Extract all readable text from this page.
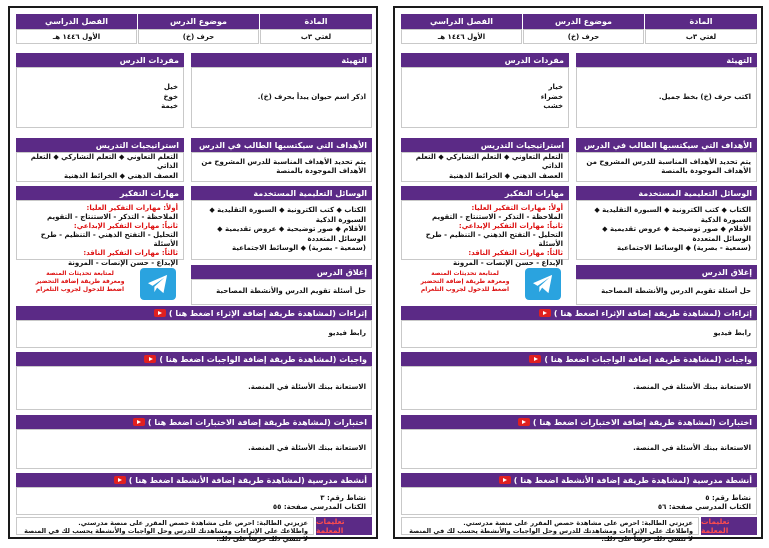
المادة
موضوع الدرس
الفصل الدراسي
لغتي ٣ب
حرف (خ)
الأول ١٤٤٦ هـ
التهيئة
اكتب حرف (خ) بخط جميل.
مفردات الدرس
خيار
خضراء
خشب
الأهداف التي سيكتسبها الطالب في الدرس
يتم تحديد الأهداف المناسبة للدرس المشروح من الأهداف الموجودة بالمنصة
استراتيجيات التدريس
التعلم التعاوني ◆ التعلم التشاركي ◆ التعلم الذاتي
العصف الذهني ◆ الخرائط الذهنية
الوسائل التعليمية المستخدمة
الكتاب ◆ كتب الكترونية ◆ السبورة التقليدية ◆ السبورة الذكية
الأقلام ◆ صور توضيحية ◆ عروض تقديمية ◆ الوسائل المتعددة
(سمعية - بصرية) ◆ الوسائط الاجتماعية
مهارات التفكير
أولاً: مهارات التفكير العليا:
الملاحظة - التذكر - الاستنتاج - التقويم
ثانياً: مهارات التفكير الإبداعي:
التحليل - التفتح الذهني - التنظيم - طرح الأسئلة
ثالثاً: مهارات التفكير الناقد:
الإبداع - حسن الإنصات - المرونة
إغلاق الدرس
حل أسئلة تقويم الدرس والأنشطة المصاحبة
لمتابعة تحديثات المنصة
ومعرفة طريقة إضافة التحضير
اضغط للدخول لجروب التلغرام
إثراءات (لمشاهدة طريقة إضافة الإثراء اضغط هنا )
رابط فيديو
واجبات (لمشاهدة طريقة إضافة الواجبات اضغط هنا )
الاستعانة ببنك الأسئلة في المنصة.
اختبارات (لمشاهدة طريقة إضافة الاختبارات اضغط هنا )
الاستعانة ببنك الأسئلة في المنصة.
أنشطة مدرسية (لمشاهدة طريقة إضافة الأنشطة اضغط هنا )
نشاط رقم: ٥
الكتاب المدرسي صفحة: ٥٦
تعليمات المعلمة
عزيزتي الطالبة: احرص على مشاهدة حصص المقرر على منصة مدرستي.
واطلاعك على الإثراءات ومشاهدتك للدرس وحل الواجبات والأنشطة يحسب لك في المنصة لا تنسي ذلك حرصاً على ذلك.
المادة
موضوع الدرس
الفصل الدراسي
لغتي ٣ب
حرف (خ)
الأول ١٤٤٦ هـ
التهيئة
اذكر اسم حيوان يبدأ بحرف (خ).
مفردات الدرس
خيل
خوخ
خيمة
الأهداف التي سيكتسبها الطالب في الدرس
يتم تحديد الأهداف المناسبة للدرس المشروح من الأهداف الموجودة بالمنصة
استراتيجيات التدريس
التعلم التعاوني ◆ التعلم التشاركي ◆ التعلم الذاتي
العصف الذهني ◆ الخرائط الذهنية
الوسائل التعليمية المستخدمة
الكتاب ◆ كتب الكترونية ◆ السبورة التقليدية ◆ السبورة الذكية
الأقلام ◆ صور توضيحية ◆ عروض تقديمية ◆ الوسائل المتعددة
(سمعية - بصرية) ◆ الوسائط الاجتماعية
مهارات التفكير
أولاً: مهارات التفكير العليا:
الملاحظة - التذكر - الاستنتاج - التقويم
ثانياً: مهارات التفكير الإبداعي:
التحليل - التفتح الذهني - التنظيم - طرح الأسئلة
ثالثاً: مهارات التفكير الناقد:
الإبداع - حسن الإنصات - المرونة
إغلاق الدرس
حل أسئلة تقويم الدرس والأنشطة المصاحبة
لمتابعة تحديثات المنصة
ومعرفة طريقة إضافة التحضير
اضغط للدخول لجروب التلغرام
إثراءات (لمشاهدة طريقة إضافة الإثراء اضغط هنا )
رابط فيديو
واجبات (لمشاهدة طريقة إضافة الواجبات اضغط هنا )
الاستعانة ببنك الأسئلة في المنصة.
اختبارات (لمشاهدة طريقة إضافة الاختبارات اضغط هنا )
الاستعانة ببنك الأسئلة في المنصة.
أنشطة مدرسية (لمشاهدة طريقة إضافة الأنشطة اضغط هنا )
نشاط رقم: ٣
الكتاب المدرسي صفحة: ٥٥
تعليمات المعلمة
عزيزتي الطالبة: احرص على مشاهدة حصص المقرر على منصة مدرستي.
واطلاعك على الإثراءات ومشاهدتك للدرس وحل الواجبات والأنشطة يحسب لك في المنصة لا تنسي ذلك حرصاً على ذلك.
